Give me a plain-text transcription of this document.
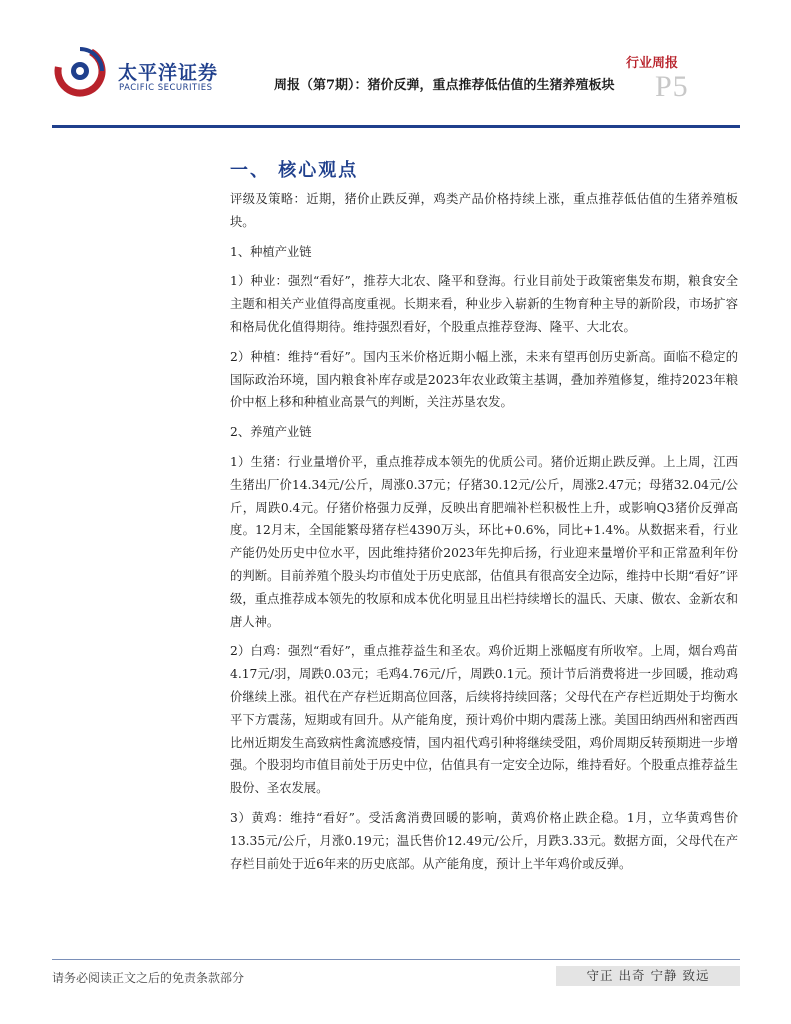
太平洋证券
PACIFIC SECURITIES
行业周报
周报（第7期）：猪价反弹，重点推荐低估值的生猪养殖板块 P5
一、 核心观点

评级及策略：近期，猪价止跌反弹，鸡类产品价格持续上涨，重点推荐低估值的生猪养殖板块。

1、种植产业链

1）种业：强烈“看好”，推荐大北农、隆平和登海。行业目前处于政策密集发布期，粮食安全主题和相关产业值得高度重视。长期来看，种业步入崭新的生物育种主导的新阶段，市场扩容和格局优化值得期待。维持强烈看好，个股重点推荐登海、隆平、大北农。

2）种植：维持“看好”。国内玉米价格近期小幅上涨，未来有望再创历史新高。面临不稳定的国际政治环境，国内粮食补库存或是2023年农业政策主基调，叠加养殖修复，维持2023年粮价中枢上移和种植业高景气的判断，关注苏垦农发。

2、养殖产业链

1）生猪：行业量增价平，重点推荐成本领先的优质公司。猪价近期止跌反弹。上上周，江西生猪出厂价14.34元/公斤，周涨0.37元；仔猪30.12元/公斤，周涨2.47元；母猪32.04元/公斤，周跌0.4元。仔猪价格强力反弹，反映出育肥端补栏积极性上升，或影响Q3猪价反弹高度。12月末，全国能繁母猪存栏4390万头，环比+0.6%，同比+1.4%。从数据来看，行业产能仍处历史中位水平，因此维持猪价2023年先抑后扬，行业迎来量增价平和正常盈利年份的判断。目前养殖个股头均市值处于历史底部，估值具有很高安全边际，维持中长期“看好”评级，重点推荐成本领先的牧原和成本优化明显且出栏持续增长的温氏、天康、傲农、金新农和唐人神。

2）白鸡：强烈“看好”，重点推荐益生和圣农。鸡价近期上涨幅度有所收窄。上周，烟台鸡苗4.17元/羽，周跌0.03元；毛鸡4.76元/斤，周跌0.1元。预计节后消费将进一步回暖，推动鸡价继续上涨。祖代在产存栏近期高位回落，后续将持续回落；父母代在产存栏近期处于均衡水平下方震荡，短期或有回升。从产能角度，预计鸡价中期内震荡上涨。美国田纳西州和密西西比州近期发生高致病性禽流感疫情，国内祖代鸡引种将继续受阻，鸡价周期反转预期进一步增强。个股羽均市值目前处于历史中位，估值具有一定安全边际，维持看好。个股重点推荐益生股份、圣农发展。

3）黄鸡：维持“看好”。受活禽消费回暖的影响，黄鸡价格止跌企稳。1月，立华黄鸡售价13.35元/公斤，月涨0.19元；温氏售价12.49元/公斤，月跌3.33元。数据方面，父母代在产存栏目前处于近6年来的历史底部。从产能角度，预计上半年鸡价或反弹。

请务必阅读正文之后的免责条款部分	守正 出奇 宁静 致远
